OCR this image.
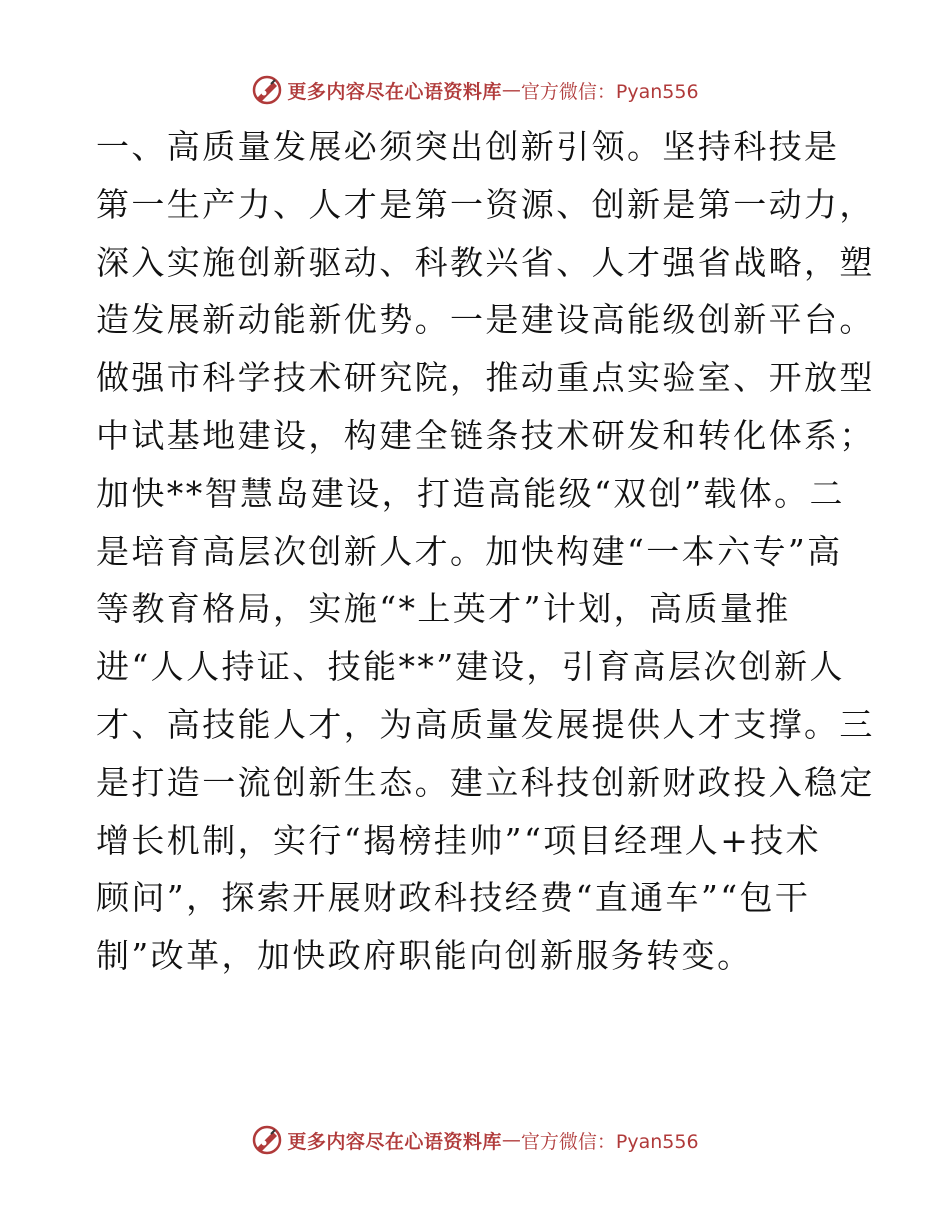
更多内容尽在心语资料库 — 官方微信：Pyan556
一、高质量发展必须突出创新引领。坚持科技是
第一生产力、人才是第一资源、创新是第一动力，
深入实施创新驱动、科教兴省、人才强省战略，塑
造发展新动能新优势。一是建设高能级创新平台。
做强市科学技术研究院，推动重点实验室、开放型
中试基地建设，构建全链条技术研发和转化体系；
加快**智慧岛建设，打造高能级“双创”载体。二
是培育高层次创新人才。加快构建“一本六专”高
等教育格局，实施“*上英才”计划，高质量推
进“人人持证、技能**”建设，引育高层次创新人
才、高技能人才，为高质量发展提供人才支撑。三
是打造一流创新生态。建立科技创新财政投入稳定
增长机制，实行“揭榜挂帅”“项目经理人+技术
顾问”，探索开展财政科技经费“直通车”“包干
制”改革，加快政府职能向创新服务转变。
更多内容尽在心语资料库 — 官方微信：Pyan556
